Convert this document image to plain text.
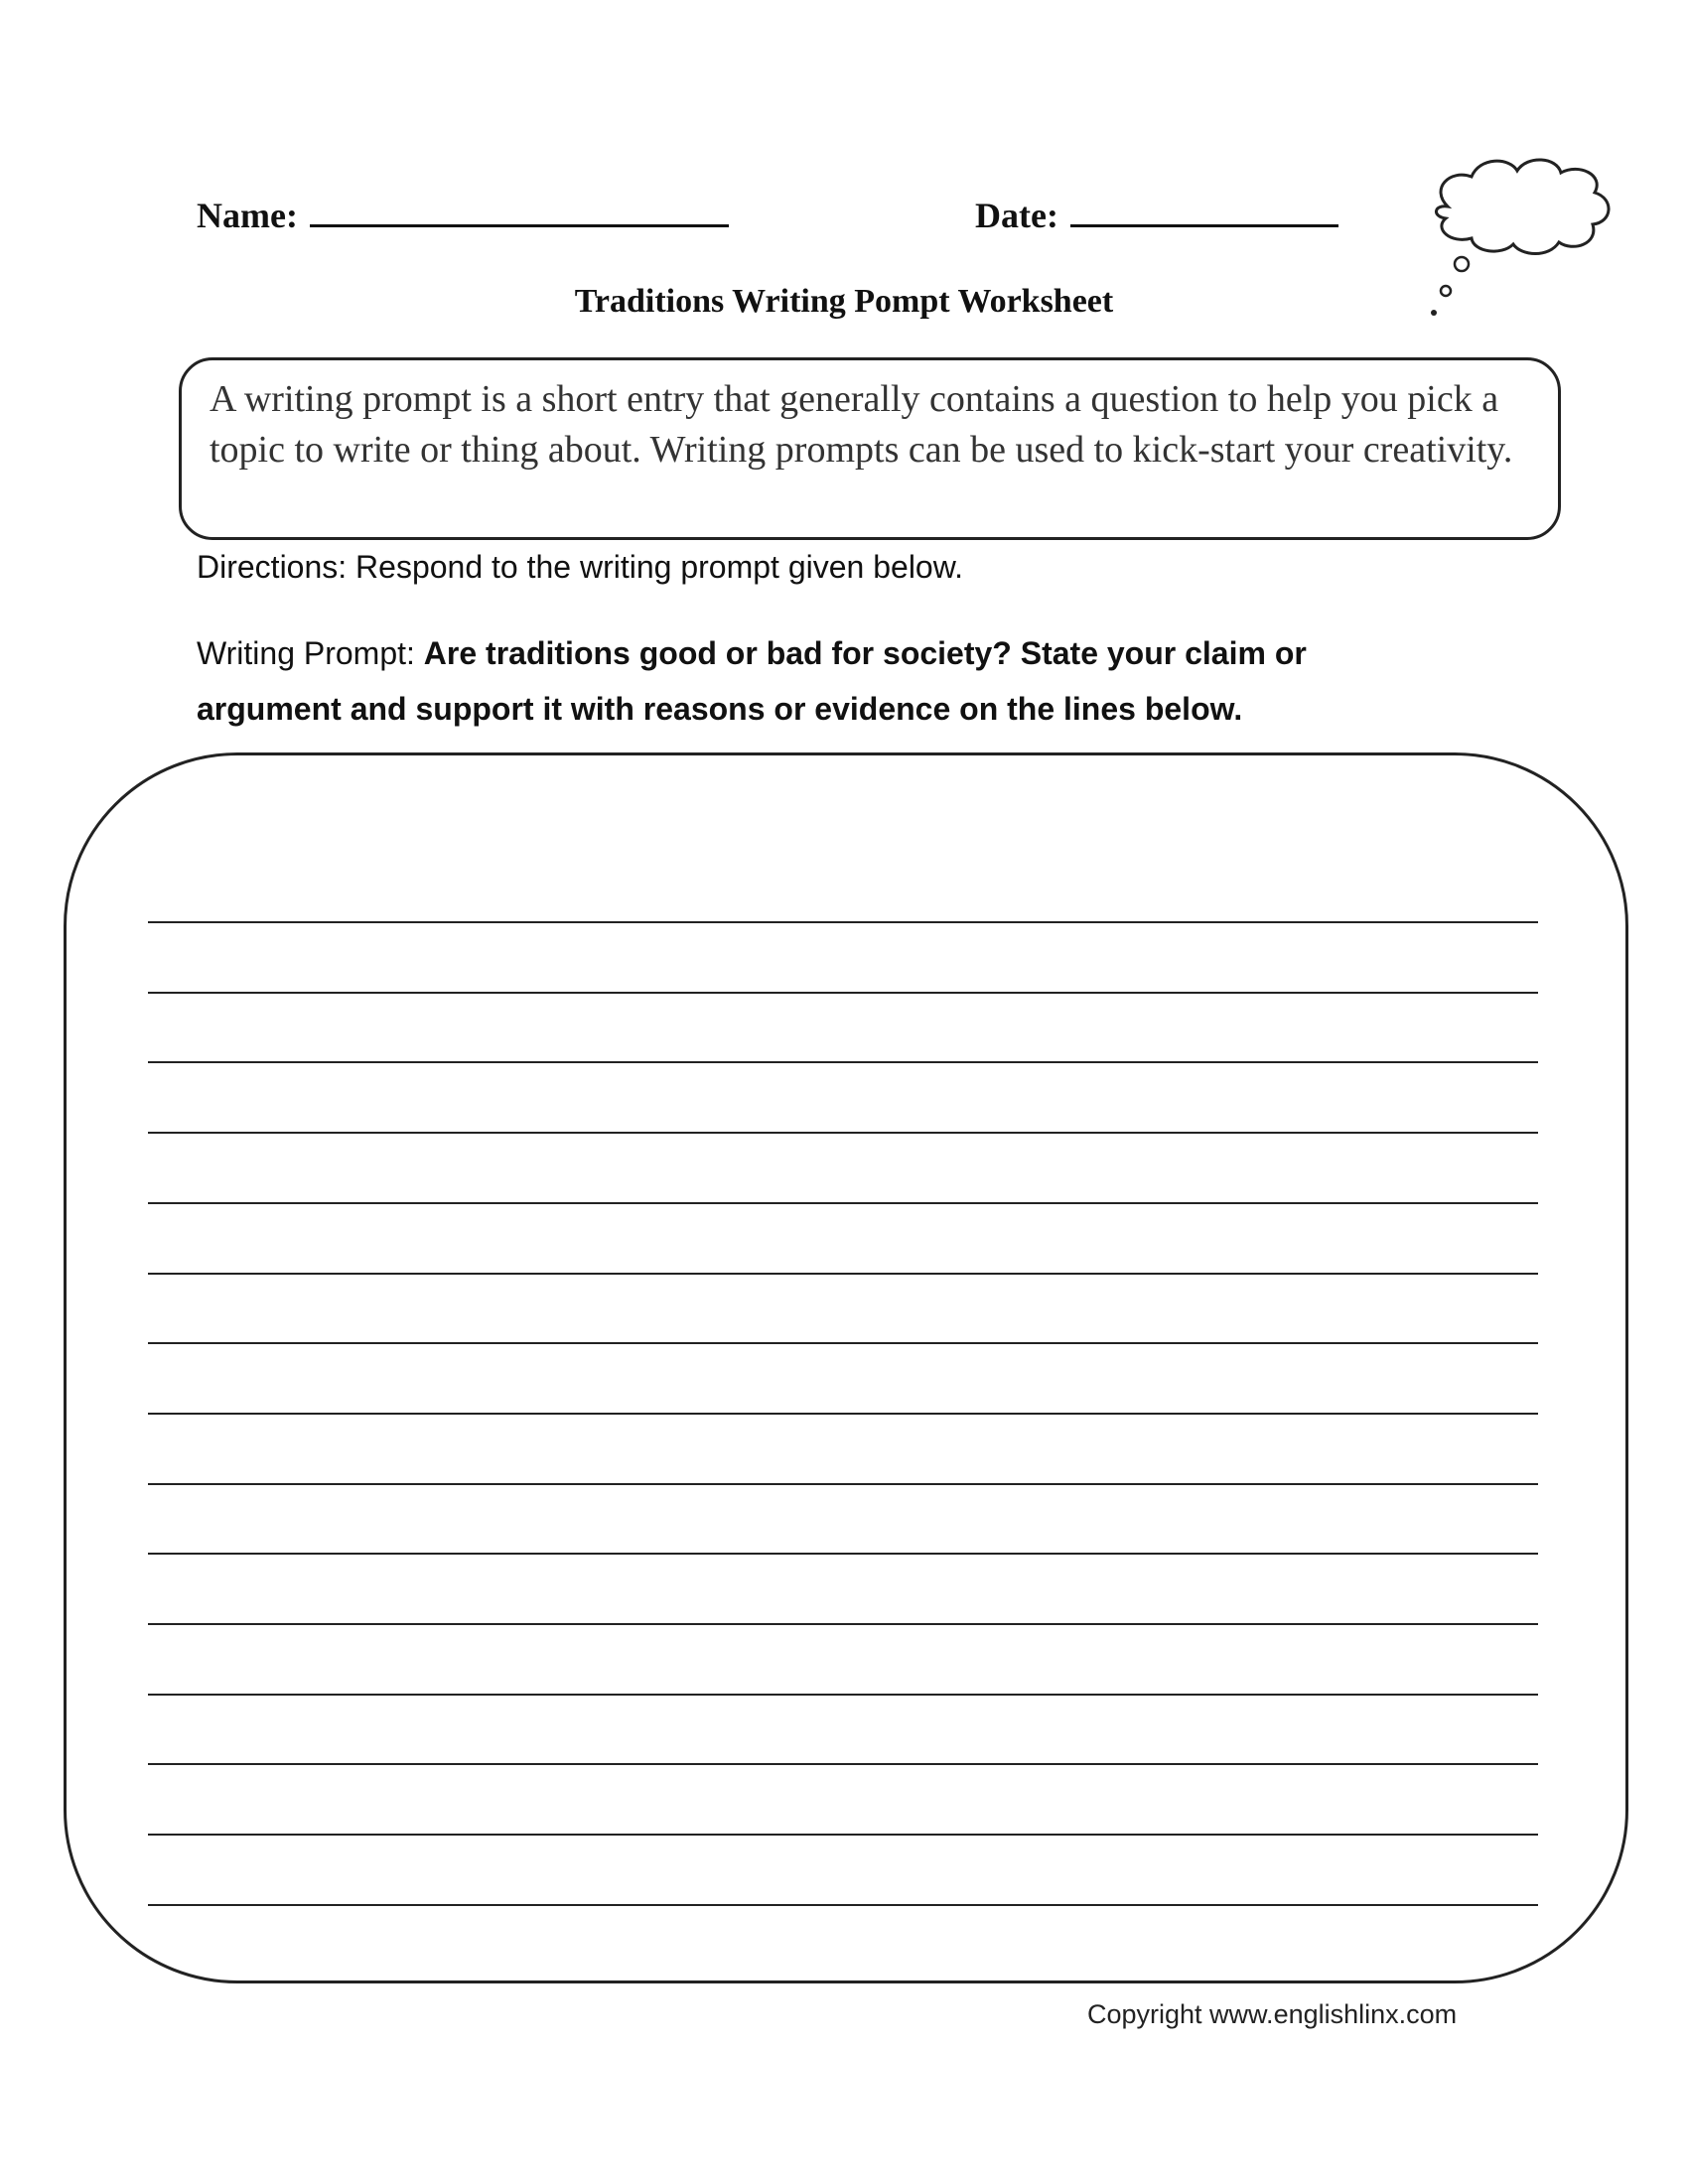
Name:	Date:
Traditions Writing Pompt Worksheet
A writing prompt is a short entry that generally contains a question to help you pick a topic to write or thing about. Writing prompts can be used to kick-start your creativity.
Directions: Respond to the writing prompt given below.
Writing Prompt: Are traditions good or bad for society? State your claim or argument and support it with reasons or evidence on the lines below.
Copyright www.englishlinx.com
